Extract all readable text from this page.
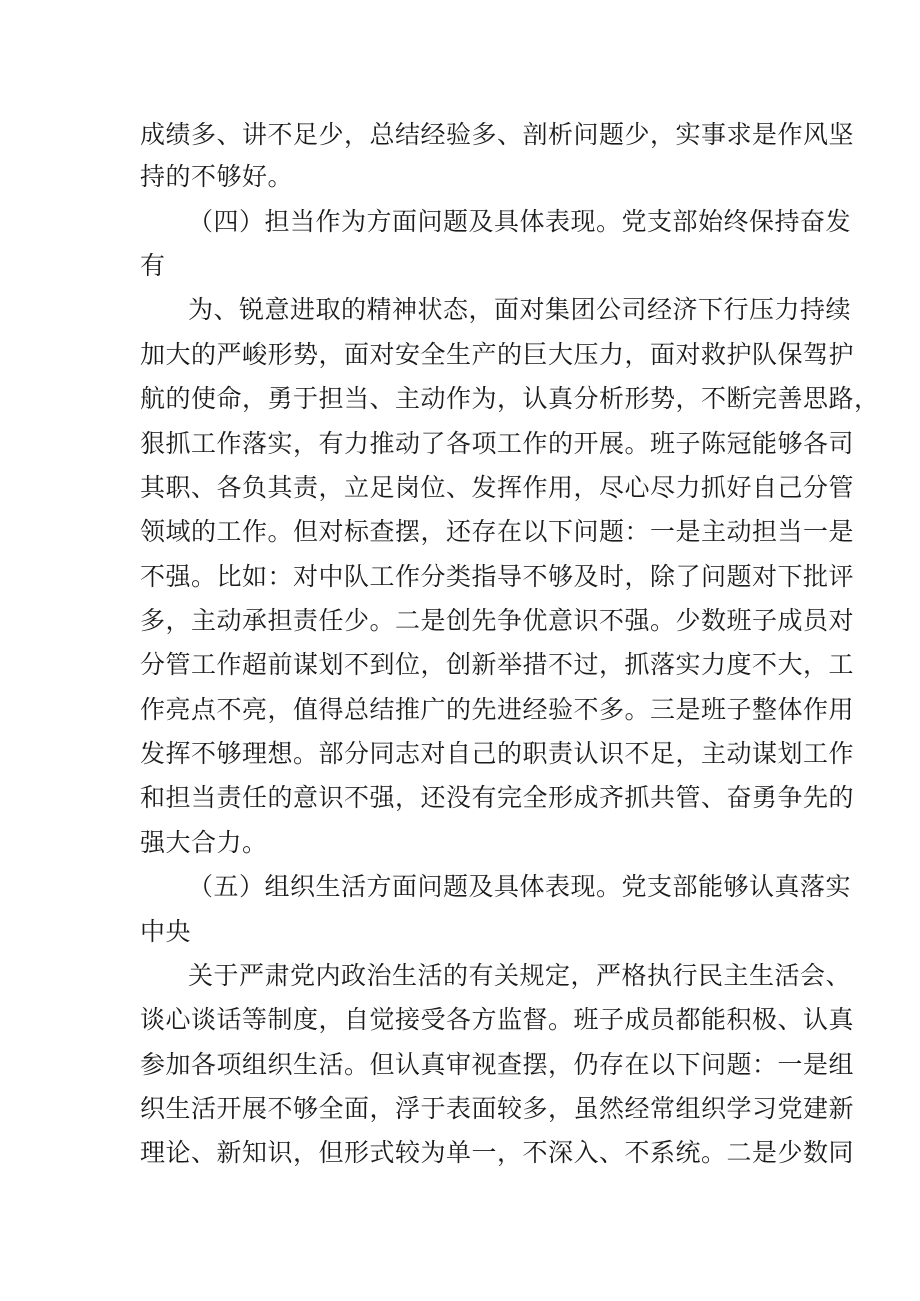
成绩多、讲不足少，总结经验多、剖析问题少，实事求是作风坚
持的不够好。
（四）担当作为方面问题及具体表现。党支部始终保持奋发
有
为、锐意进取的精神状态，面对集团公司经济下行压力持续
加大的严峻形势，面对安全生产的巨大压力，面对救护队保驾护
航的使命，勇于担当、主动作为，认真分析形势，不断完善思路，
狠抓工作落实，有力推动了各项工作的开展。班子陈冠能够各司
其职、各负其责，立足岗位、发挥作用，尽心尽力抓好自己分管
领域的工作。但对标查摆，还存在以下问题：一是主动担当一是
不强。比如：对中队工作分类指导不够及时，除了问题对下批评
多，主动承担责任少。二是创先争优意识不强。少数班子成员对
分管工作超前谋划不到位，创新举措不过，抓落实力度不大，工
作亮点不亮，值得总结推广的先进经验不多。三是班子整体作用
发挥不够理想。部分同志对自己的职责认识不足，主动谋划工作
和担当责任的意识不强，还没有完全形成齐抓共管、奋勇争先的
强大合力。
（五）组织生活方面问题及具体表现。党支部能够认真落实
中央
关于严肃党内政治生活的有关规定，严格执行民主生活会、
谈心谈话等制度，自觉接受各方监督。班子成员都能积极、认真
参加各项组织生活。但认真审视查摆，仍存在以下问题：一是组
织生活开展不够全面，浮于表面较多，虽然经常组织学习党建新
理论、新知识，但形式较为单一，不深入、不系统。二是少数同
